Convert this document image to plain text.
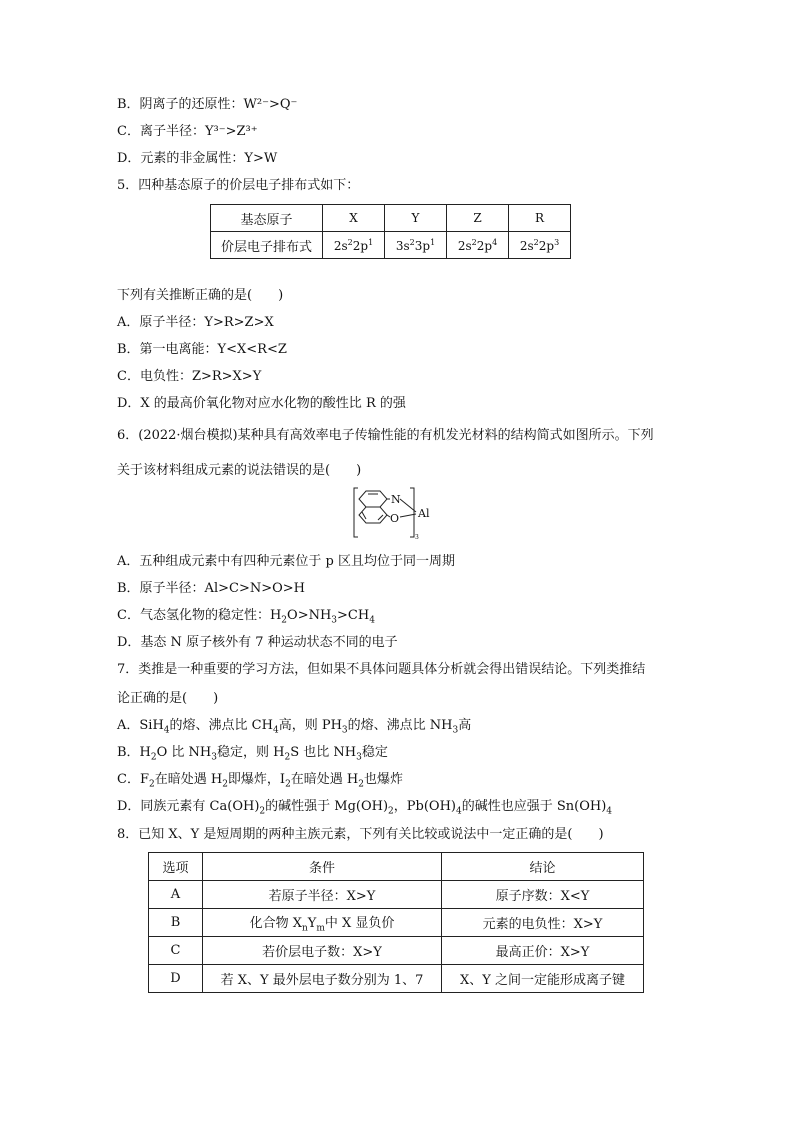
B．阴离子的还原性：W²⁻>Q⁻
C．离子半径：Y³⁻>Z³⁺
D．元素的非金属性：Y>W
5．四种基态原子的价层电子排布式如下：
基态原子	X	Y	Z	R
价层电子排布式	$2s^22p^1$	$3s^23p^1$	$2s^22p^4$	$2s^22p^3$
下列有关推断正确的是(　　)
A．原子半径：Y>R>Z>X
B．第一电离能：Y<X<R<Z
C．电负性：Z>R>X>Y
D．X 的最高价氧化物对应水化物的酸性比 R 的强
6．(2022·烟台模拟)某种具有高效率电子传输性能的有机发光材料的结构简式如图所示。下列
关于该材料组成元素的说法错误的是(　　)
N
O Al
3
A．五种组成元素中有四种元素位于 p 区且均位于同一周期
B．原子半径：Al>C>N>O>H
C．气态氢化物的稳定性：$H_2O>NH_3>CH_4$
D．基态 N 原子核外有 7 种运动状态不同的电子
7．类推是一种重要的学习方法，但如果不具体问题具体分析就会得出错误结论。下列类推结
论正确的是(　　)
A．SiH$_4$的熔、沸点比 $CH_4$高，则 $PH_3$的熔、沸点比 $NH_3$高
B．$H_2O$ 比 $NH_3$稳定，则 $H_2S$ 也比 $NH_3$稳定
C．$F_2$在暗处遇 $H_2$即爆炸，$I_2$在暗处遇 $H_2$也爆炸
D．同族元素有 $Ca(OH)_2$的碱性强于 $Mg(OH)_2$，$Pb(OH)_4$的碱性也应强于 $Sn(OH)_4$
8．已知 X、Y 是短周期的两种主族元素，下列有关比较或说法中一定正确的是(　　)
选项	条件	结论
A	若原子半径：X>Y	原子序数：X<Y
B	化合物 $X_nY_m$中 X 显负价	元素的电负性：X>Y
C	若价层电子数：X>Y	最高正价：X>Y
D	若 X、Y 最外层电子数分别为 1、7	X、Y 之间一定能形成离子键
